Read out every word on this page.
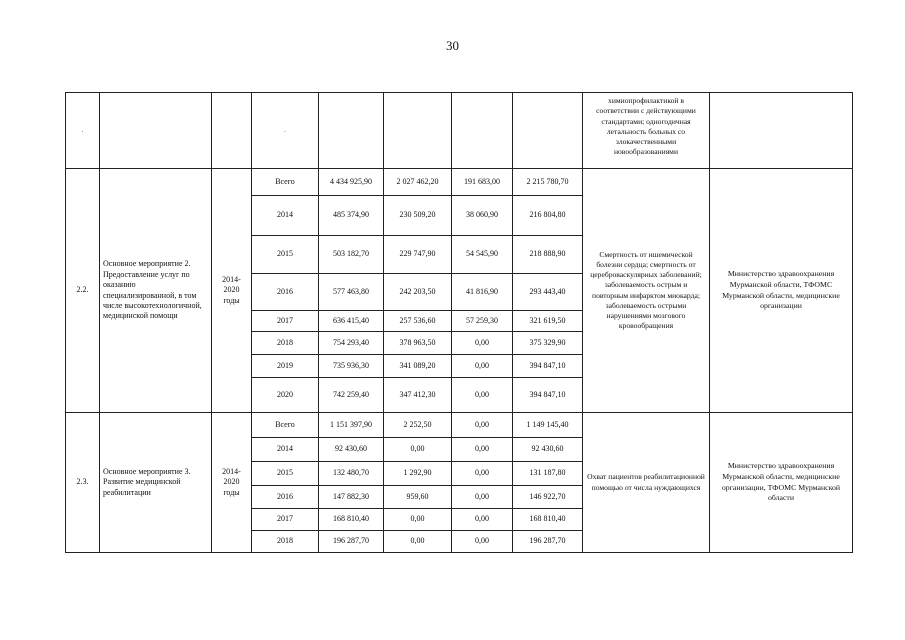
30
.			.					химиопрофилактикой в соответствии с действующими стандартами; одногодичная летальность больных со злокачественными новообразованиями	
2.2.	Основное мероприятие 2. Предоставление услуг по оказанию специализированной, в том числе высокотехнологичной, медицинской помощи	2014-2020 годы	Всего	4 434 925,90	2 027 462,20	191 683,00	2 215 780,70	Смертность от ишемической болезни сердца; смертность от цереброваскулярных заболеваний; заболеваемость острым и повторным инфарктом миокарда; заболеваемость острыми нарушениями мозгового кровообращения	Министерство здравоохранения Мурманской области, ТФОМС Мурманской области, медицинские организации
			2014	485 374,90	230 509,20	38 060,90	216 804,80		
			2015	503 182,70	229 747,90	54 545,90	218 888,90		
			2016	577 463,80	242 203,50	41 816,90	293 443,40		
			2017	636 415,40	257 536,60	57 259,30	321 619,50		
			2018	754 293,40	378 963,50	0,00	375 329,90		
			2019	735 936,30	341 089,20	0,00	394 847,10		
			2020	742 259,40	347 412,30	0,00	394 847,10		
2.3.	Основное мероприятие 3. Развитие медицинской реабилитации	2014-2020 годы	Всего	1 151 397,90	2 252,50	0,00	1 149 145,40	Охват пациентов реабилитационной помощью от числа нуждающихся	Министерство здравоохранения Мурманской области, медицинские организации, ТФОМС Мурманской области
			2014	92 430,60	0,00	0,00	92 430,60		
			2015	132 480,70	1 292,90	0,00	131 187,80		
			2016	147 882,30	959,60	0,00	146 922,70		
			2017	168 810,40	0,00	0,00	168 810,40		
			2018	196 287,70	0,00	0,00	196 287,70		
